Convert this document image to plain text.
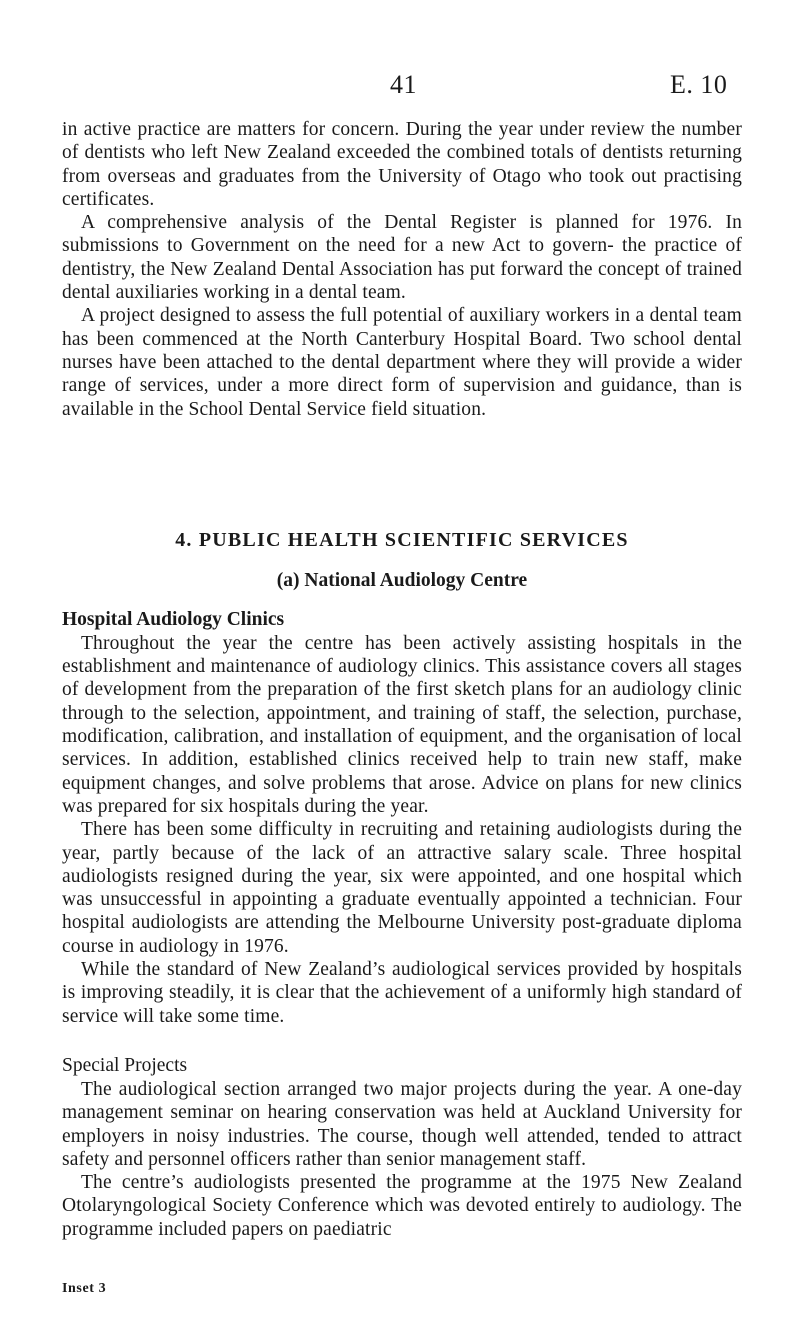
41	E. 10

in active practice are matters for concern. During the year under review the number of dentists who left New Zealand exceeded the combined totals of dentists returning from overseas and graduates from the University of Otago who took out practising certificates.

A comprehensive analysis of the Dental Register is planned for 1976. In submissions to Government on the need for a new Act to govern- the practice of dentistry, the New Zealand Dental Association has put forward the concept of trained dental auxiliaries working in a dental team.

A project designed to assess the full potential of auxiliary workers in a dental team has been commenced at the North Canterbury Hospital Board. Two school dental nurses have been attached to the dental department where they will provide a wider range of services, under a more direct form of supervision and guidance, than is available in the School Dental Service field situation.

4. PUBLIC HEALTH SCIENTIFIC SERVICES
(a) National Audiology Centre
Hospital Audiology Clinics

Throughout the year the centre has been actively assisting hospitals in the establishment and maintenance of audiology clinics. This assistance covers all stages of development from the preparation of the first sketch plans for an audiology clinic through to the selection, appointment, and training of staff, the selection, purchase, modification, calibration, and installation of equipment, and the organisation of local services. In addition, established clinics received help to train new staff, make equipment changes, and solve problems that arose. Advice on plans for new clinics was prepared for six hospitals during the year.

There has been some difficulty in recruiting and retaining audiologists during the year, partly because of the lack of an attractive salary scale. Three hospital audiologists resigned during the year, six were appointed, and one hospital which was unsuccessful in appointing a graduate eventually appointed a technician. Four hospital audiologists are attending the Melbourne University post-graduate diploma course in audiology in 1976.

While the standard of New Zealand’s audiological services provided by hospitals is improving steadily, it is clear that the achievement of a uniformly high standard of service will take some time.

Special Projects

The audiological section arranged two major projects during the year. A one-day management seminar on hearing conservation was held at Auckland University for employers in noisy industries. The course, though well attended, tended to attract safety and personnel officers rather than senior management staff.

The centre’s audiologists presented the programme at the 1975 New Zealand Otolaryngological Society Conference which was devoted entirely to audiology. The programme included papers on paediatric

Inset 3
